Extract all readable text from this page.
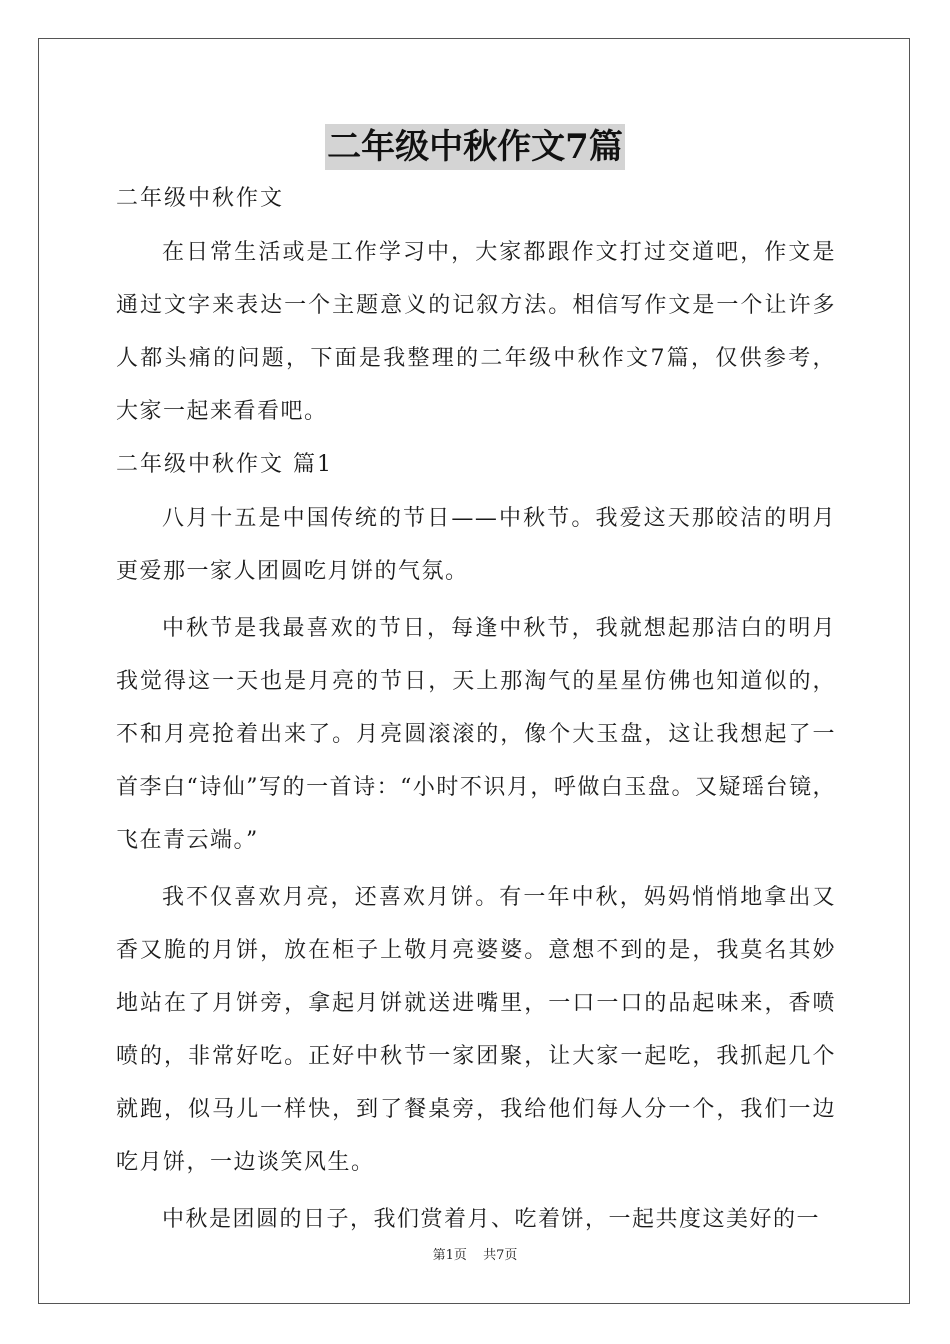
二年级中秋作文7篇
二年级中秋作文

在日常生活或是工作学习中，大家都跟作文打过交道吧，作文是通过文字来表达一个主题意义的记叙方法。相信写作文是一个让许多人都头痛的问题，下面是我整理的二年级中秋作文7篇，仅供参考，大家一起来看看吧。

二年级中秋作文 篇1

八月十五是中国传统的节日——中秋节。我爱这天那皎洁的明月更爱那一家人团圆吃月饼的气氛。

中秋节是我最喜欢的节日，每逢中秋节，我就想起那洁白的明月我觉得这一天也是月亮的节日，天上那淘气的星星仿佛也知道似的，不和月亮抢着出来了。月亮圆滚滚的，像个大玉盘，这让我想起了一首李白“诗仙”写的一首诗：“小时不识月，呼做白玉盘。又疑瑶台镜，飞在青云端。”

我不仅喜欢月亮，还喜欢月饼。有一年中秋，妈妈悄悄地拿出又香又脆的月饼，放在柜子上敬月亮婆婆。意想不到的是，我莫名其妙地站在了月饼旁，拿起月饼就送进嘴里，一口一口的品起味来，香喷喷的，非常好吃。正好中秋节一家团聚，让大家一起吃，我抓起几个就跑，似马儿一样快，到了餐桌旁，我给他们每人分一个，我们一边吃月饼，一边谈笑风生。

中秋是团圆的日子，我们赏着月、吃着饼，一起共度这美好的一

第1页 共7页
